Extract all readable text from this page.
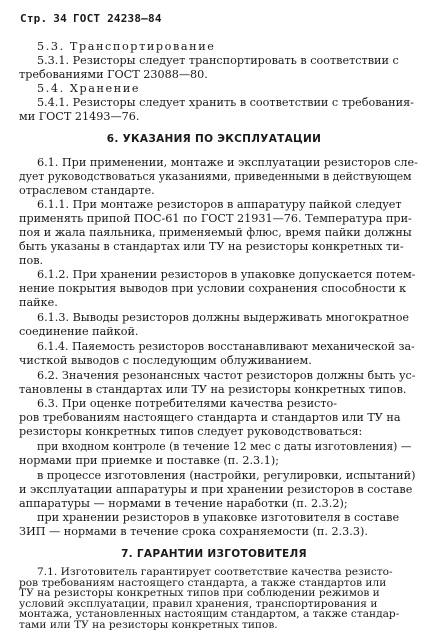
Стр. 34 ГОСТ 24238—84
5.3. Транспортирование
5.3.1. Резисторы следует транспортировать в соответствии с
требованиями ГОСТ 23088—80.
5.4. Хранение
5.4.1. Резисторы следует хранить в соответствии с требования-
ми ГОСТ 21493—76.
6. УКАЗАНИЯ ПО ЭКСПЛУАТАЦИИ
6.1. При применении, монтаже и эксплуатации резисторов сле-
дует руководствоваться указаниями, приведенными в действующем
отраслевом стандарте.
6.1.1. При монтаже резисторов в аппаратуру пайкой следует
применять припой ПОС-61 по ГОСТ 21931—76. Температура при-
поя и жала паяльника, применяемый флюс, время пайки должны
быть указаны в стандартах или ТУ на резисторы конкретных ти-
пов.
6.1.2. При хранении резисторов в упаковке допускается потем-
нение покрытия выводов при условии сохранения способности к
пайке.
6.1.3. Выводы резисторов должны выдерживать многократное
соединение пайкой.
6.1.4. Паяемость резисторов восстанавливают механической за-
чисткой выводов с последующим облуживанием.
6.2. Значения резонансных частот резисторов должны быть ус-
тановлены в стандартах или ТУ на резисторы конкретных типов.
6.3. При оценке потребителями качества резисто-
ров требованиям настоящего стандарта и стандартов или ТУ на
резисторы конкретных типов следует руководствоваться:
при входном контроле (в течение 12 мес с даты изготовления) —
нормами при приемке и поставке (п. 2.3.1);
в процессе изготовления (настройки, регулировки, испытаний)
и эксплуатации аппаратуры и при хранении резисторов в составе
аппаратуры — нормами в течение наработки (п. 2.3.2);
при хранении резисторов в упаковке изготовителя в составе
ЗИП — нормами в течение срока сохраняемости (п. 2.3.3).
7. ГАРАНТИИ ИЗГОТОВИТЕЛЯ
7.1. Изготовитель гарантирует соответствие качества резисто-
ров требованиям настоящего стандарта, а также стандартов или
ТУ на резисторы конкретных типов при соблюдении режимов и
условий эксплуатации, правил хранения, транспортирования и
монтажа, установленных настоящим стандартом, а также стандар-
тами или ТУ на резисторы конкретных типов.
